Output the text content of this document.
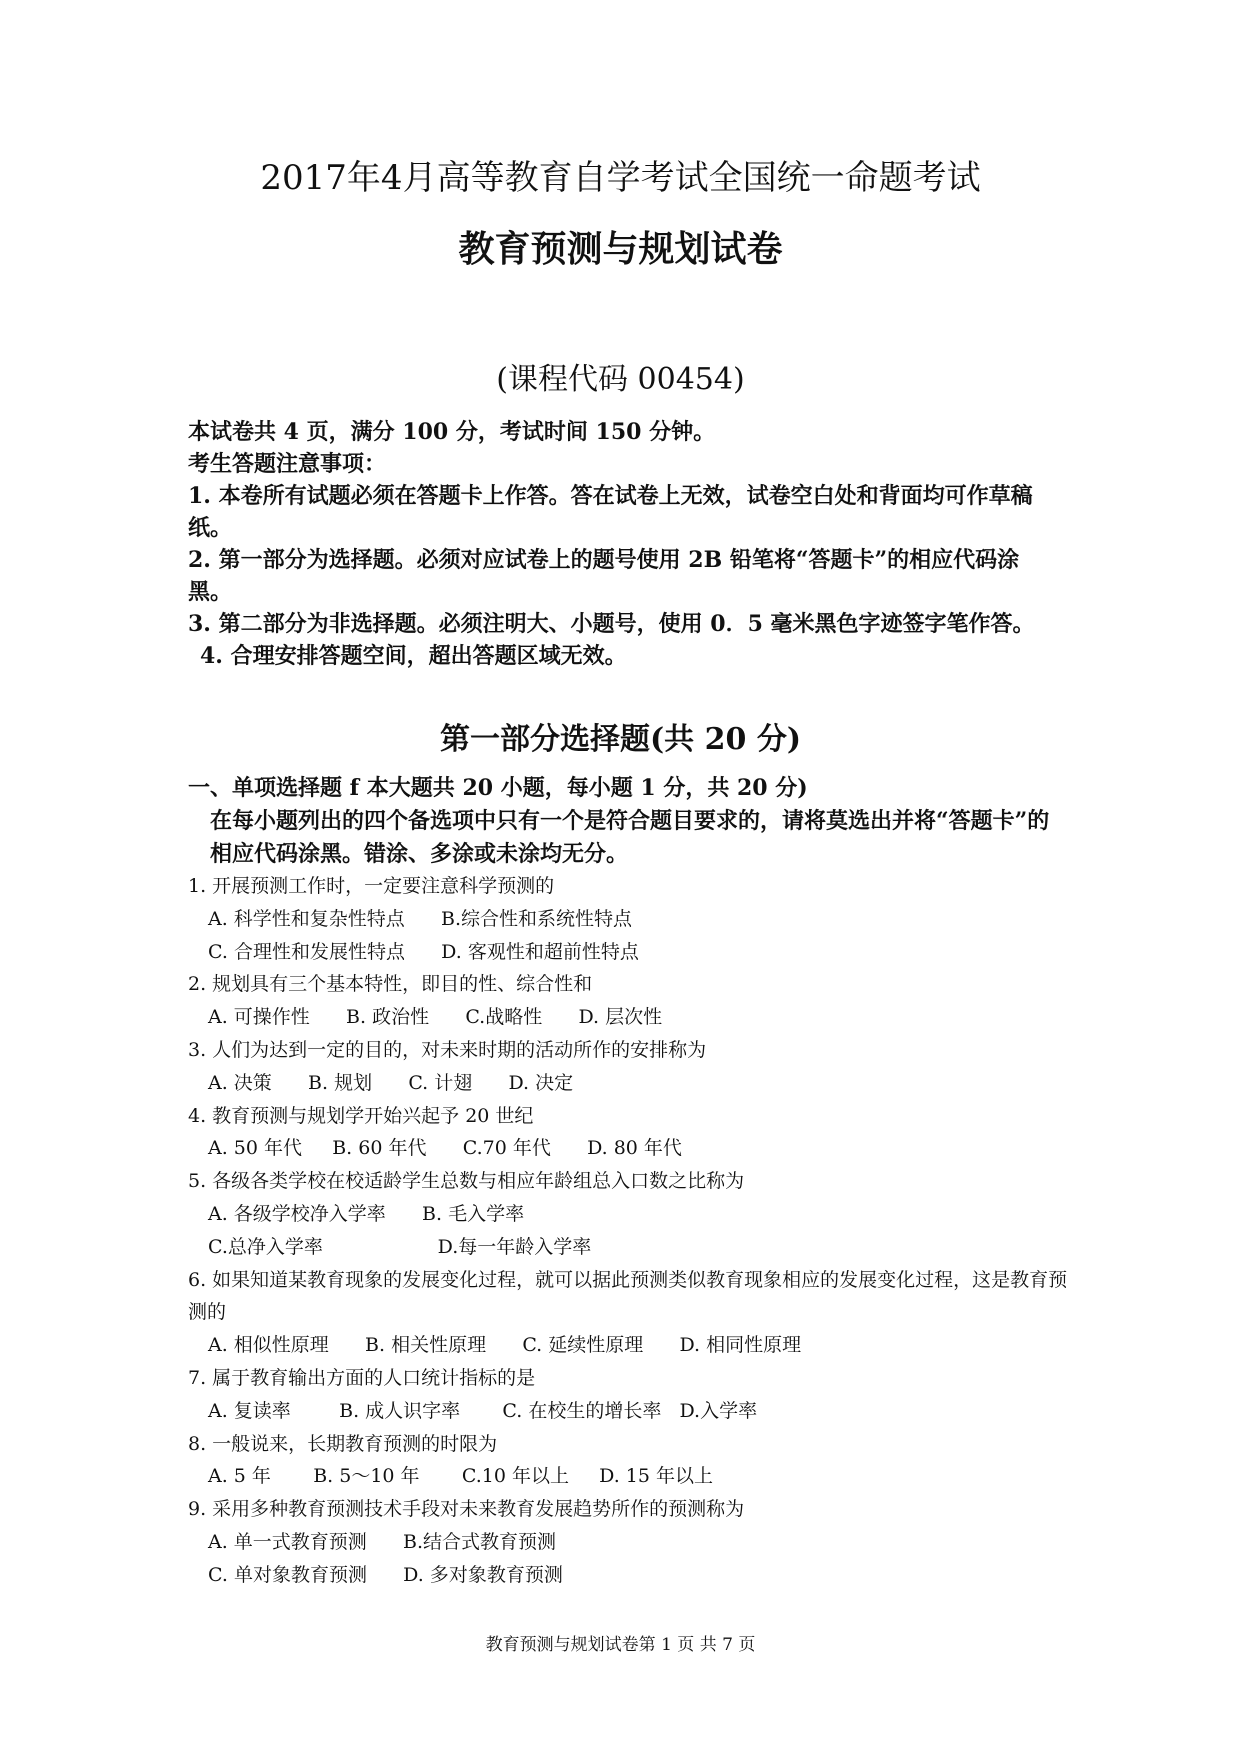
2017年4月高等教育自学考试全国统一命题考试
教育预测与规划试卷
(课程代码 00454)

本试卷共 4 页，满分 100 分，考试时间 150 分钟。

考生答题注意事项：

1. 本卷所有试题必须在答题卡上作答。答在试卷上无效，试卷空白处和背面均可作草稿纸。

2. 第一部分为选择题。必须对应试卷上的题号使用 2B 铅笔将“答题卡”的相应代码涂黑。

3. 第二部分为非选择题。必须注明大、小题号，使用 0．5 毫米黑色字迹签字笔作答。

4. 合理安排答题空间，超出答题区域无效。

第一部分选择题(共 20 分)

一、单项选择题 f 本大题共 20 小题，每小题 1 分，共 20 分)

在每小题列出的四个备选项中只有一个是符合题目要求的，请将莫选出并将“答题卡”的相应代码涂黑。错涂、多涂或未涂均无分。

1. 开展预测工作时，一定要注意科学预测的

A. 科学性和复杂性特点      B.综合性和系统性特点

C. 合理性和发展性特点      D. 客观性和超前性特点

2. 规划具有三个基本特性，即目的性、综合性和

A. 可操作性      B. 政治性      C.战略性      D. 层次性

3. 人们为达到一定的目的，对未来时期的活动所作的安排称为

A. 决策      B. 规划      C. 计翅      D. 决定

4. 教育预测与规划学开始兴起予 20 世纪

A. 50 年代     B. 60 年代      C.70 年代      D. 80 年代

5. 各级各类学校在校适龄学生总数与相应年龄组总入口数之比称为

A. 各级学校净入学率      B. 毛入学率

C.总净入学率                   D.每一年龄入学率

6. 如果知道某教育现象的发展变化过程，就可以据此预测类似教育现象相应的发展变化过程，这是教育预测的

A. 相似性原理      B. 相关性原理      C. 延续性原理      D. 相同性原理

7. 属于教育输出方面的人口统计指标的是

A. 复读率        B. 成人识字率       C. 在校生的增长率   D.入学率

8. 一般说来，长期教育预测的时限为

A. 5 年       B. 5～10 年       C.10 年以上     D. 15 年以上

9. 采用多种教育预测技术手段对未来教育发展趋势所作的预测称为

A. 单一式教育预测      B.结合式教育预测

C. 单对象教育预测      D. 多对象教育预测

教育预测与规划试卷第 1 页 共 7 页
